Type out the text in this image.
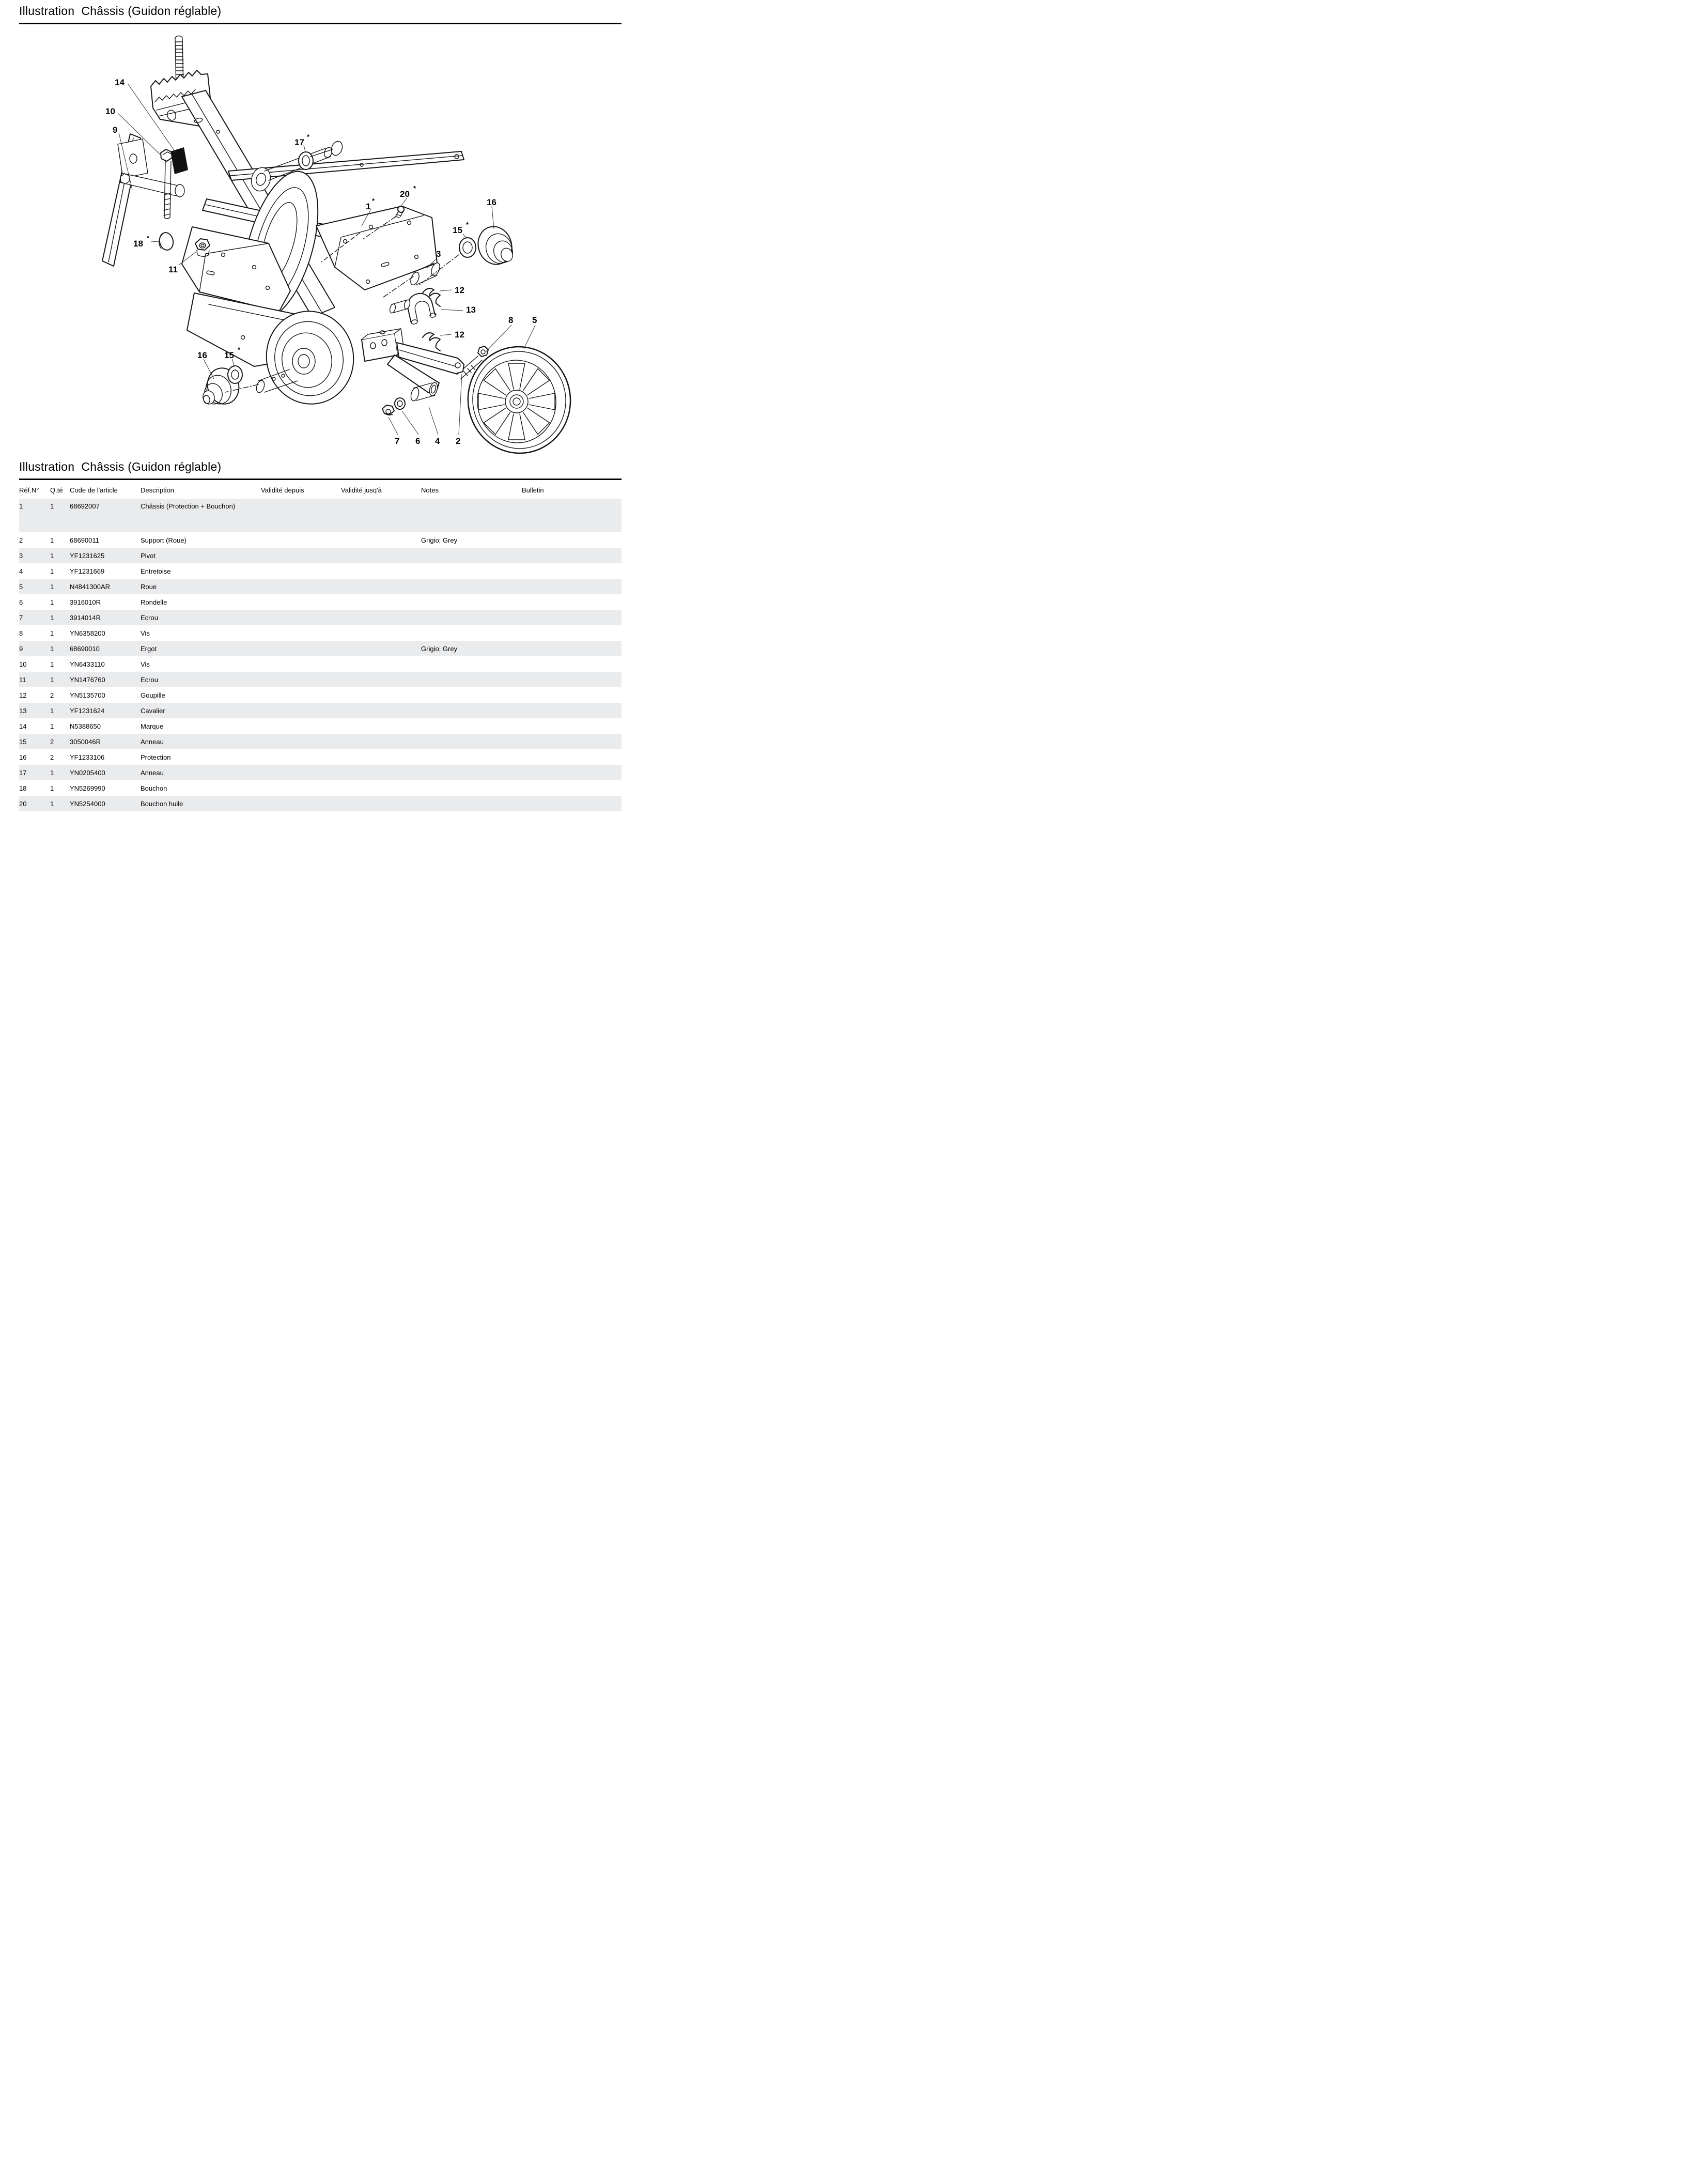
Illustration  Châssis (Guidon réglable)
14
10
9
17
*
20
*
1
*	16
15
*
18
*
11
3
12
13
12
8 5
16 15
*
7 6 4 2
Illustration  Châssis (Guidon réglable)
Réf.N°	Q.té	Code de l'article	Description	Validité depuis	Validité jusq'à	Notes	Bulletin
1	1	68692007	Châssis (Protection + Bouchon)				
2	1	68690011	Support (Roue)			Grigio; Grey	
3	1	YF1231625	Pivot				
4	1	YF1231669	Entretoise				
5	1	N4841300AR	Roue				
6	1	3916010R	Rondelle				
7	1	3914014R	Ecrou				
8	1	YN6358200	Vis				
9	1	68690010	Ergot			Grigio; Grey	
10	1	YN6433110	Vis				
11	1	YN1476760	Ecrou				
12	2	YN5135700	Goupille				
13	1	YF1231624	Cavalier				
14	1	N5388650	Marque				
15	2	3050046R	Anneau				
16	2	YF1233106	Protection				
17	1	YN0205400	Anneau				
18	1	YN5269990	Bouchon				
20	1	YN5254000	Bouchon huile				
